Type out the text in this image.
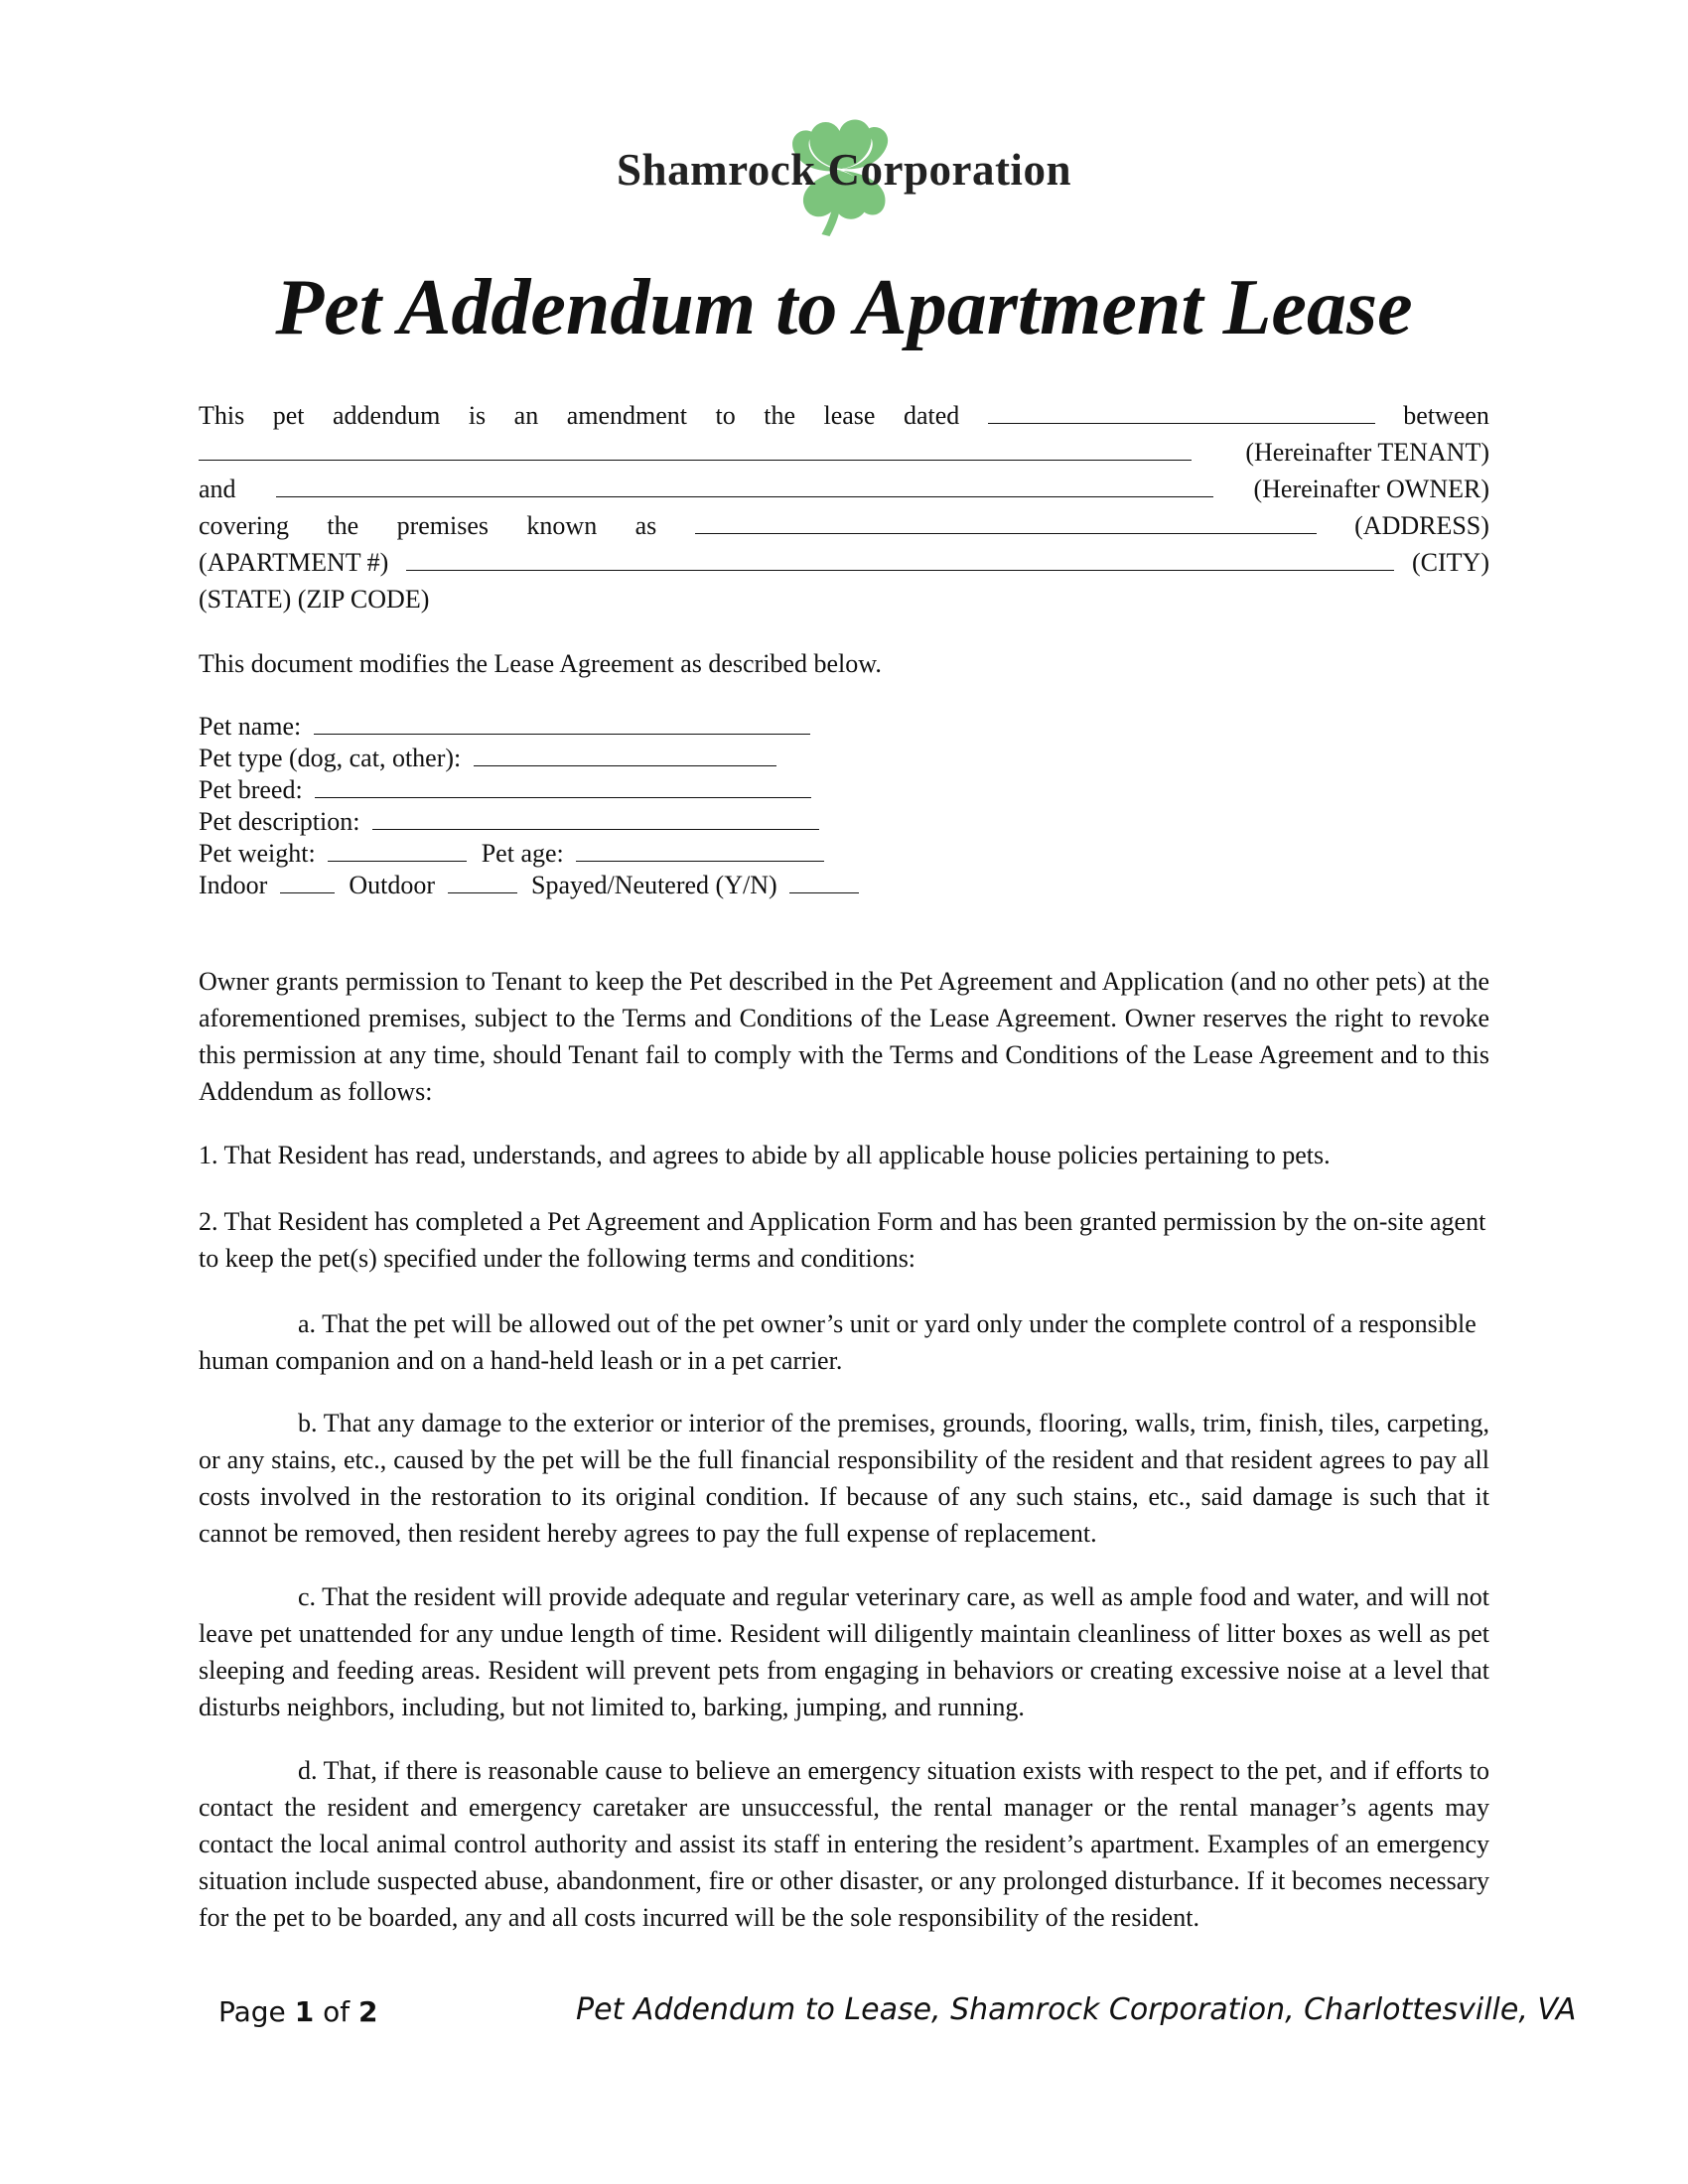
Shamrock Corporation
Pet Addendum to Apartment Lease
This pet addendum is an amendment to the lease dated	between
(Hereinafter TENANT)
and	(Hereinafter OWNER)
covering the premises known as	(ADDRESS)
(APARTMENT #)	(CITY)
(STATE) (ZIP CODE)
This document modifies the Lease Agreement as described below.
Pet name:
Pet type (dog, cat, other):
Pet breed:
Pet description:
Pet weight:	Pet age:
Indoor	Outdoor	Spayed/Neutered (Y/N)

Owner grants permission to Tenant to keep the Pet described in the Pet Agreement and Application (and no other pets) at the aforementioned premises, subject to the Terms and Conditions of the Lease Agreement. Owner reserves the right to revoke this permission at any time, should Tenant fail to comply with the Terms and Conditions of the Lease Agreement and to this Addendum as follows:

1. That Resident has read, understands, and agrees to abide by all applicable house policies pertaining to pets.

2. That Resident has completed a Pet Agreement and Application Form and has been granted permission by the on-site agent to keep the pet(s) specified under the following terms and conditions:

a. That the pet will be allowed out of the pet owner’s unit or yard only under the complete control of a responsible human companion and on a hand-held leash or in a pet carrier.

b. That any damage to the exterior or interior of the premises, grounds, flooring, walls, trim, finish, tiles, carpeting, or any stains, etc., caused by the pet will be the full financial responsibility of the resident and that resident agrees to pay all costs involved in the restoration to its original condition. If because of any such stains, etc., said damage is such that it cannot be removed, then resident hereby agrees to pay the full expense of replacement.

c. That the resident will provide adequate and regular veterinary care, as well as ample food and water, and will not leave pet unattended for any undue length of time. Resident will diligently maintain cleanliness of litter boxes as well as pet sleeping and feeding areas. Resident will prevent pets from engaging in behaviors or creating excessive noise at a level that disturbs neighbors, including, but not limited to, barking, jumping, and running.

d. That, if there is reasonable cause to believe an emergency situation exists with respect to the pet, and if efforts to contact the resident and emergency caretaker are unsuccessful, the rental manager or the rental manager’s agents may contact the local animal control authority and assist its staff in entering the resident’s apartment. Examples of an emergency situation include suspected abuse, abandonment, fire or other disaster, or any prolonged disturbance. If it becomes necessary for the pet to be boarded, any and all costs incurred will be the sole responsibility of the resident.

Page 1 of 2	Pet Addendum to Lease, Shamrock Corporation, Charlottesville, VA
